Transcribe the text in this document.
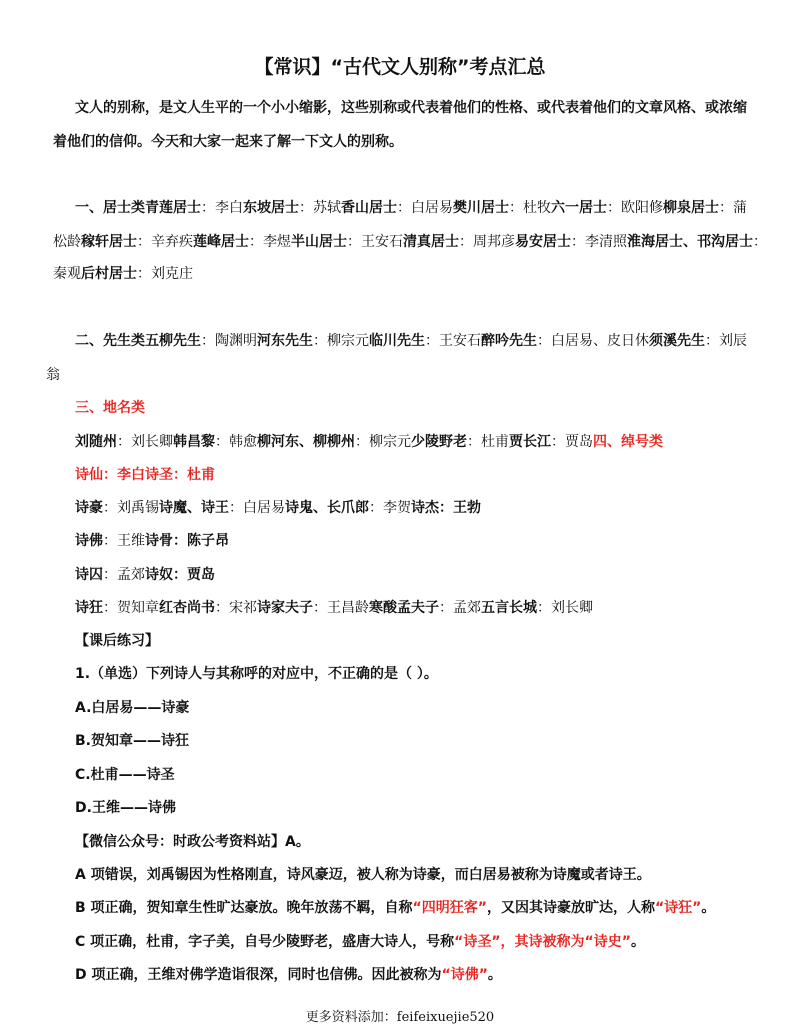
【常识】“古代文人别称”考点汇总
文人的别称，是文人生平的一个小小缩影，这些别称或代表着他们的性格、或代表着他们的文章风格、或浓缩
着他们的信仰。今天和大家一起来了解一下文人的别称。
一、居士类青莲居士：李白东坡居士：苏轼香山居士：白居易樊川居士：杜牧六一居士：欧阳修柳泉居士：蒲
松龄稼轩居士：辛弃疾莲峰居士：李煜半山居士：王安石清真居士：周邦彦易安居士：李清照淮海居士、邗沟居士：
秦观后村居士：刘克庄
二、先生类五柳先生：陶渊明河东先生：柳宗元临川先生：王安石醉吟先生：白居易、皮日休须溪先生：刘辰
翁
三、地名类
刘随州：刘长卿韩昌黎：韩愈柳河东、柳柳州：柳宗元少陵野老：杜甫贾长江：贾岛四、绰号类
诗仙：李白诗圣：杜甫
诗豪：刘禹锡诗魔、诗王：白居易诗鬼、长爪郎：李贺诗杰：王勃
诗佛：王维诗骨：陈子昂
诗囚：孟郊诗奴：贾岛
诗狂：贺知章红杏尚书：宋祁诗家夫子：王昌龄寒酸孟夫子：孟郊五言长城：刘长卿
【课后练习】
1.（单选）下列诗人与其称呼的对应中，不正确的是（ ）。
A.白居易——诗豪
B.贺知章——诗狂
C.杜甫——诗圣
D.王维——诗佛
【微信公众号：时政公考资料站】A。
A 项错误，刘禹锡因为性格刚直，诗风豪迈，被人称为诗豪，而白居易被称为诗魔或者诗王。
B 项正确，贺知章生性旷达豪放。晚年放荡不羁，自称“四明狂客”，又因其诗豪放旷达，人称“诗狂”。
C 项正确，杜甫，字子美，自号少陵野老，盛唐大诗人，号称“诗圣”，其诗被称为“诗史”。
D 项正确，王维对佛学造诣很深，同时也信佛。因此被称为“诗佛”。
更多资料添加：feifeixuejie520
